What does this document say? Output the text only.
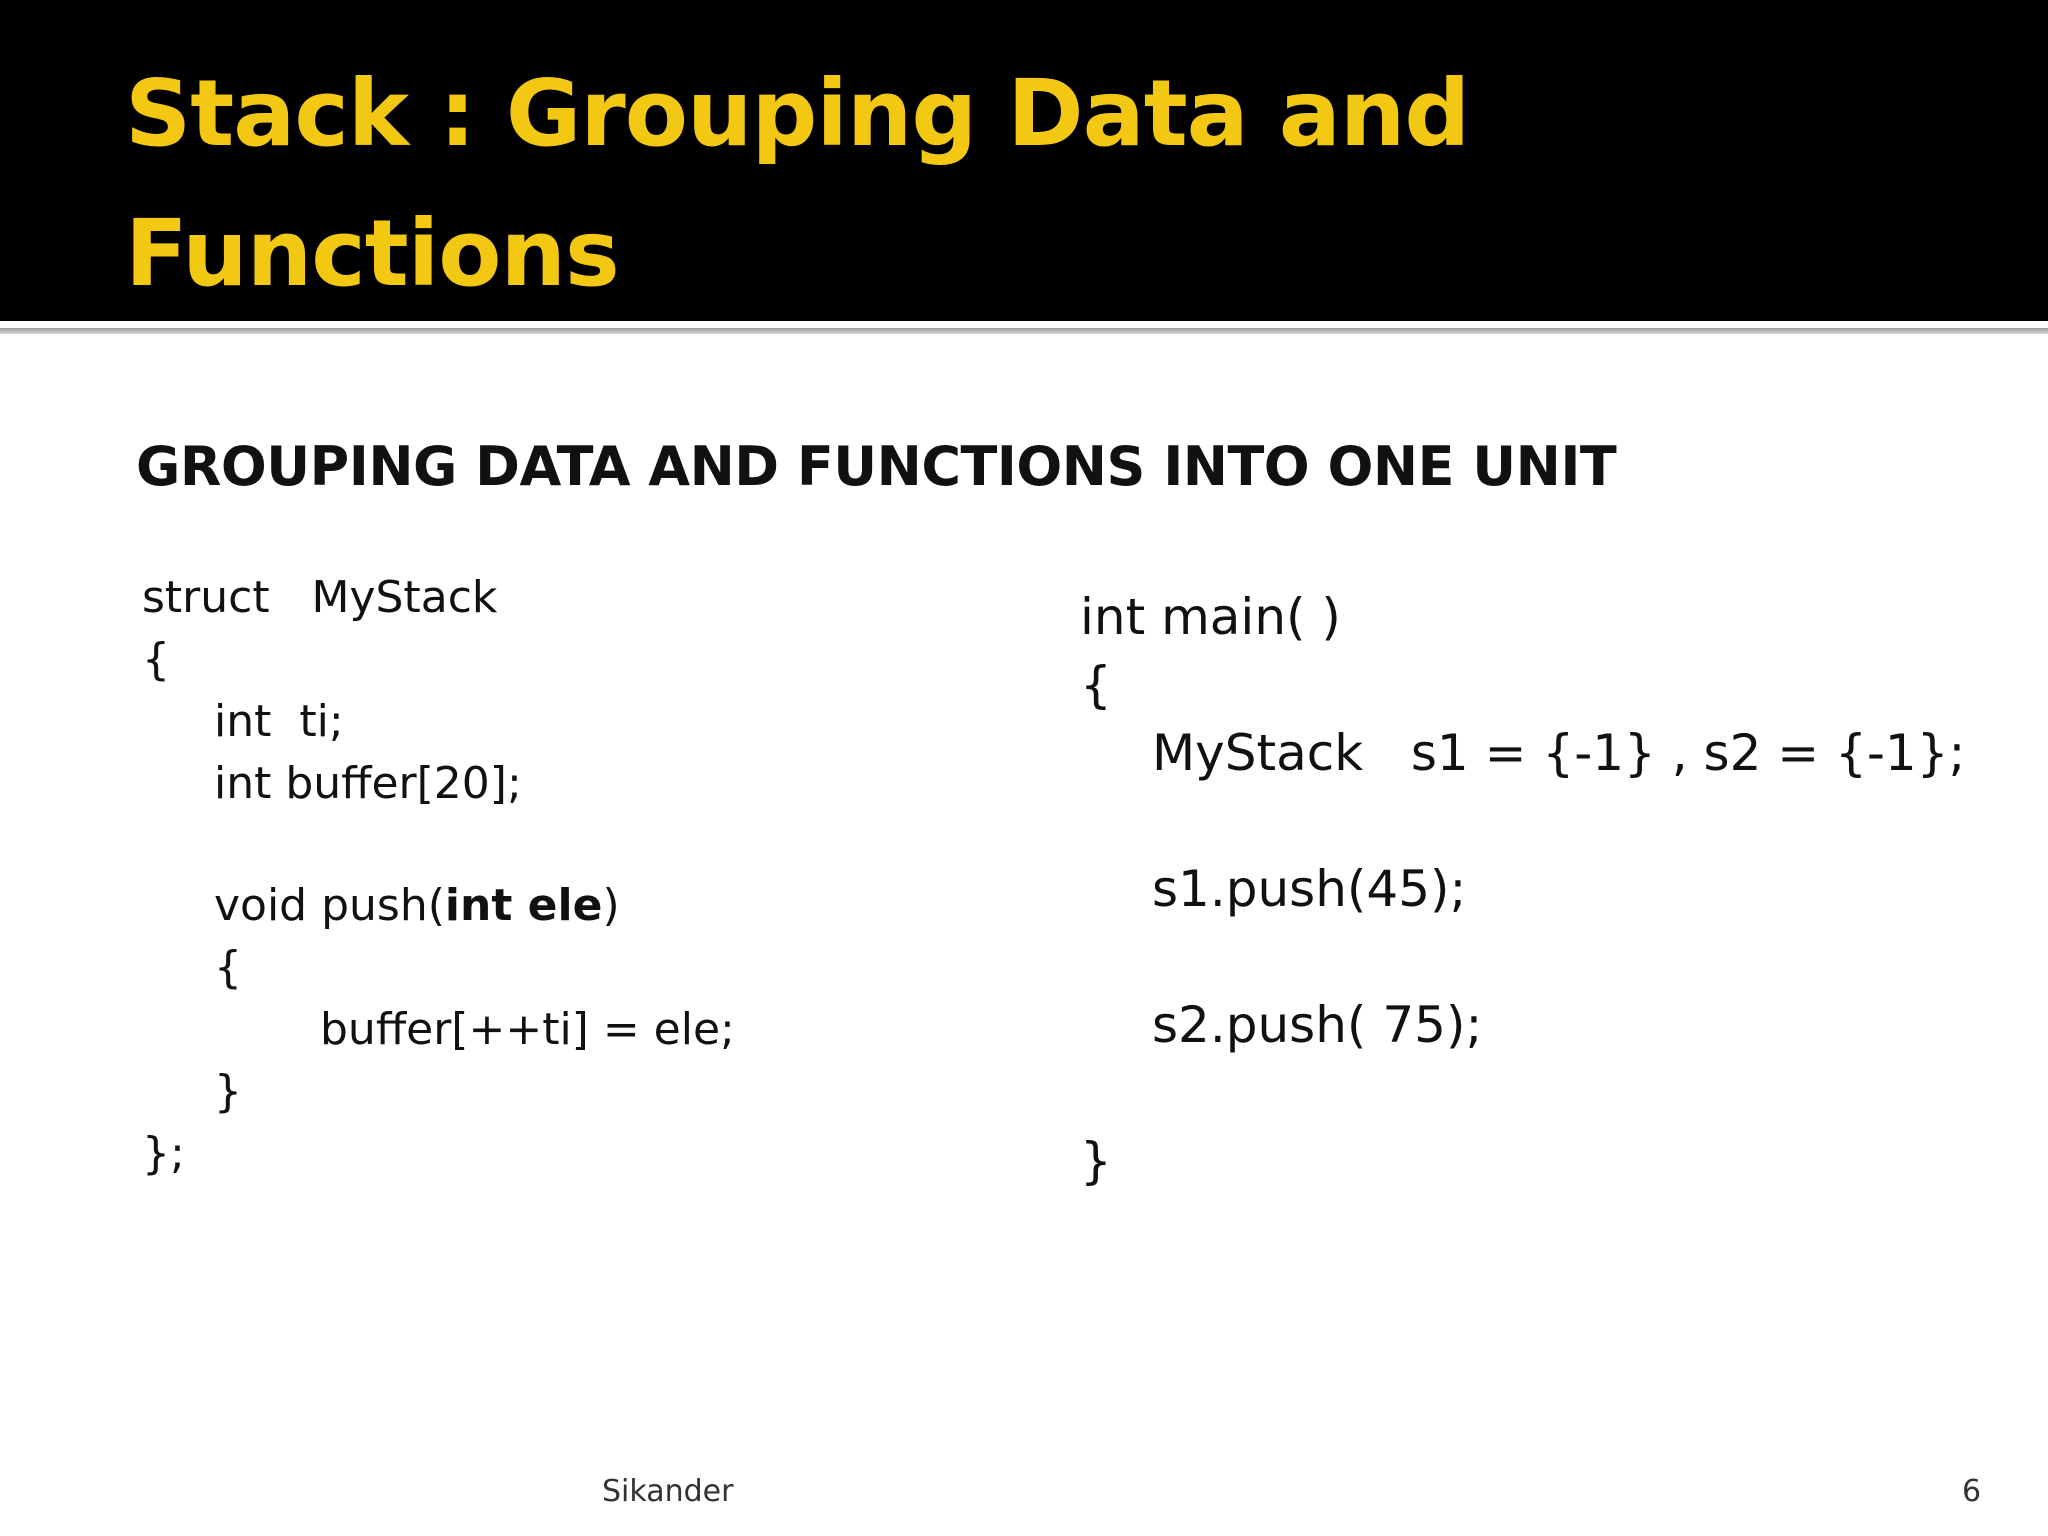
Stack : Grouping Data and
Functions
GROUPING DATA AND FUNCTIONS INTO ONE UNIT

struct   MyStack

{

int  ti;

int buffer[20];

void push(int ele)

{

buffer[++ti] = ele;

}

};

int main( )

{

MyStack   s1 = {-1} , s2 = {-1};

s1.push(45);

s2.push( 75);

}

Sikander	6
